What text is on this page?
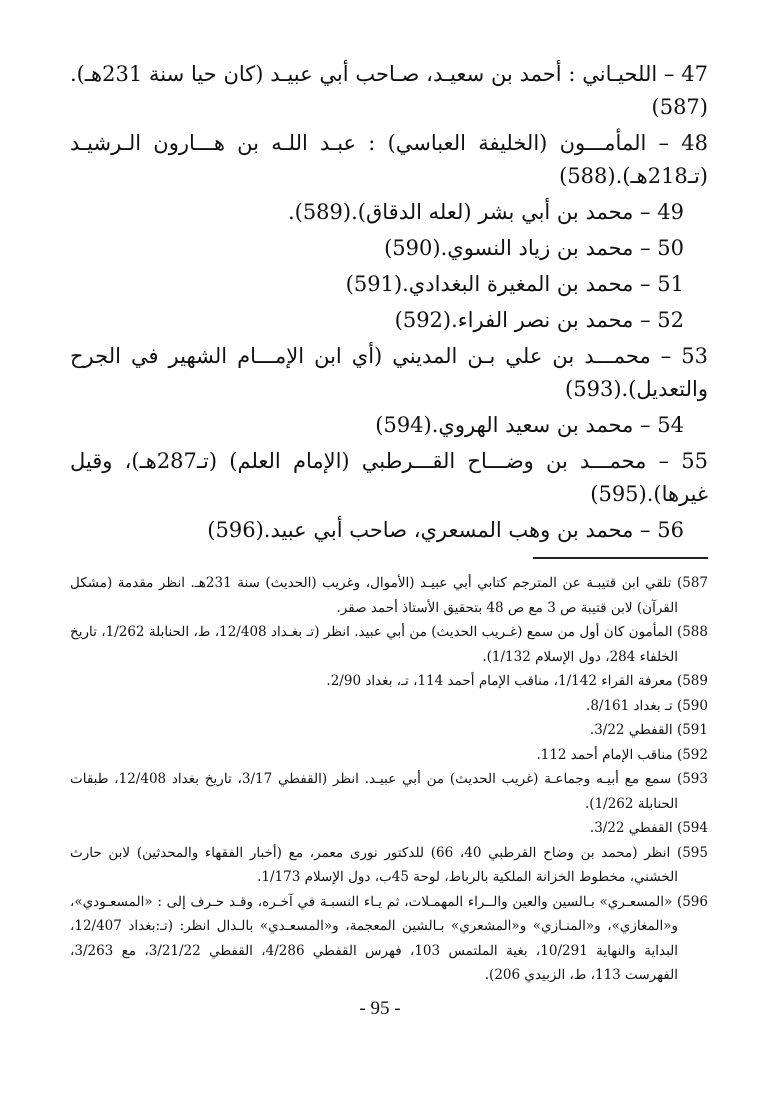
47 – اللحيـاني : أحمد بن سعيـد، صـاحب أبي عبيـد (كان حيا سنة 231هـ).(587)
48 – المأمـــون (الخليفة العباسي) : عبـد اللـه بن هـــارون الـرشيـد (تـ218هـ).(588)
49 – محمد بن أبي بشر (لعله الدقاق).(589).
50 – محمد بن زياد النسوي.(590)
51 – محمد بن المغيرة البغدادي.(591)
52 – محمد بن نصر الفراء.(592)
53 – محمـــد بن علي بـن المديني (أي ابن الإمـــام الشهير في الجرح والتعديل).(593)
54 – محمد بن سعيد الهروي.(594)
55 – محمـــد بن وضـــاح القـــرطبي (الإمام العلم) (تـ287هـ)، وقيل غيرها).(595)
56 – محمد بن وهب المسعري، صاحب أبي عبيد.(596)
587) تلقي ابن قتيبـة عن المترجم كتابي أبي عبيـد (الأموال، وغريب (الحديث) سنة 231هـ. انظر مقدمة (مشكل القرآن) لابن قتيبة ص 3 مع ص 48 بتحقيق الأستاذ أحمد صقر.
588) المأمون كان أول من سمع (غـريب الحديث) من أبي عبيد. انظر (تـ بغـداد 12/408، ط، الحنابلة 1/262، تاريخ الخلفاء 284، دول الإسلام 1/132).
589) معرفة القراء 1/142، مناقب الإمام أحمد 114، تـ، بغداد 2/90.
590) تـ بغداد 8/161.
591) القفطي 3/22.
592) مناقب الإمام أحمد 112.
593) سمع مع أبيـه وجماعـة (غريب الحديث) من أبي عبيـد. انظر (القفطي 3/17، تاريخ بغداد 12/408، طبقات الحنابلة 1/262).
594) القفطي 3/22.
595) انظر (محمد بن وضاح القرطبي 40، 66) للدكتور نورى معمر، مع (أخبار الفقهاء والمحدثين) لابن حارث الخشني، مخطوط الخزانة الملكية بالرباط، لوحة 45ب، دول الإسلام 1/173.
596) «المسعـري» بـالسين والعين والــراء المهمـلات، ثم يـاء النسبـة في آخـره، وقـد حـرف إلى : «المسعـودي»، و«المغازي»، و«المنـازي» و«المشعري» بـالشين المعجمة، و«المسعـدي» بالـدال انظر: (تـ:بغداد 12/407، البداية والنهاية 10/291، بغية الملتمس 103، فهرس القفطي 4/286، القفطي 3/21/22، مع 3/263، الفهرست 113، ط، الزبيدي 206).
- 95 -
